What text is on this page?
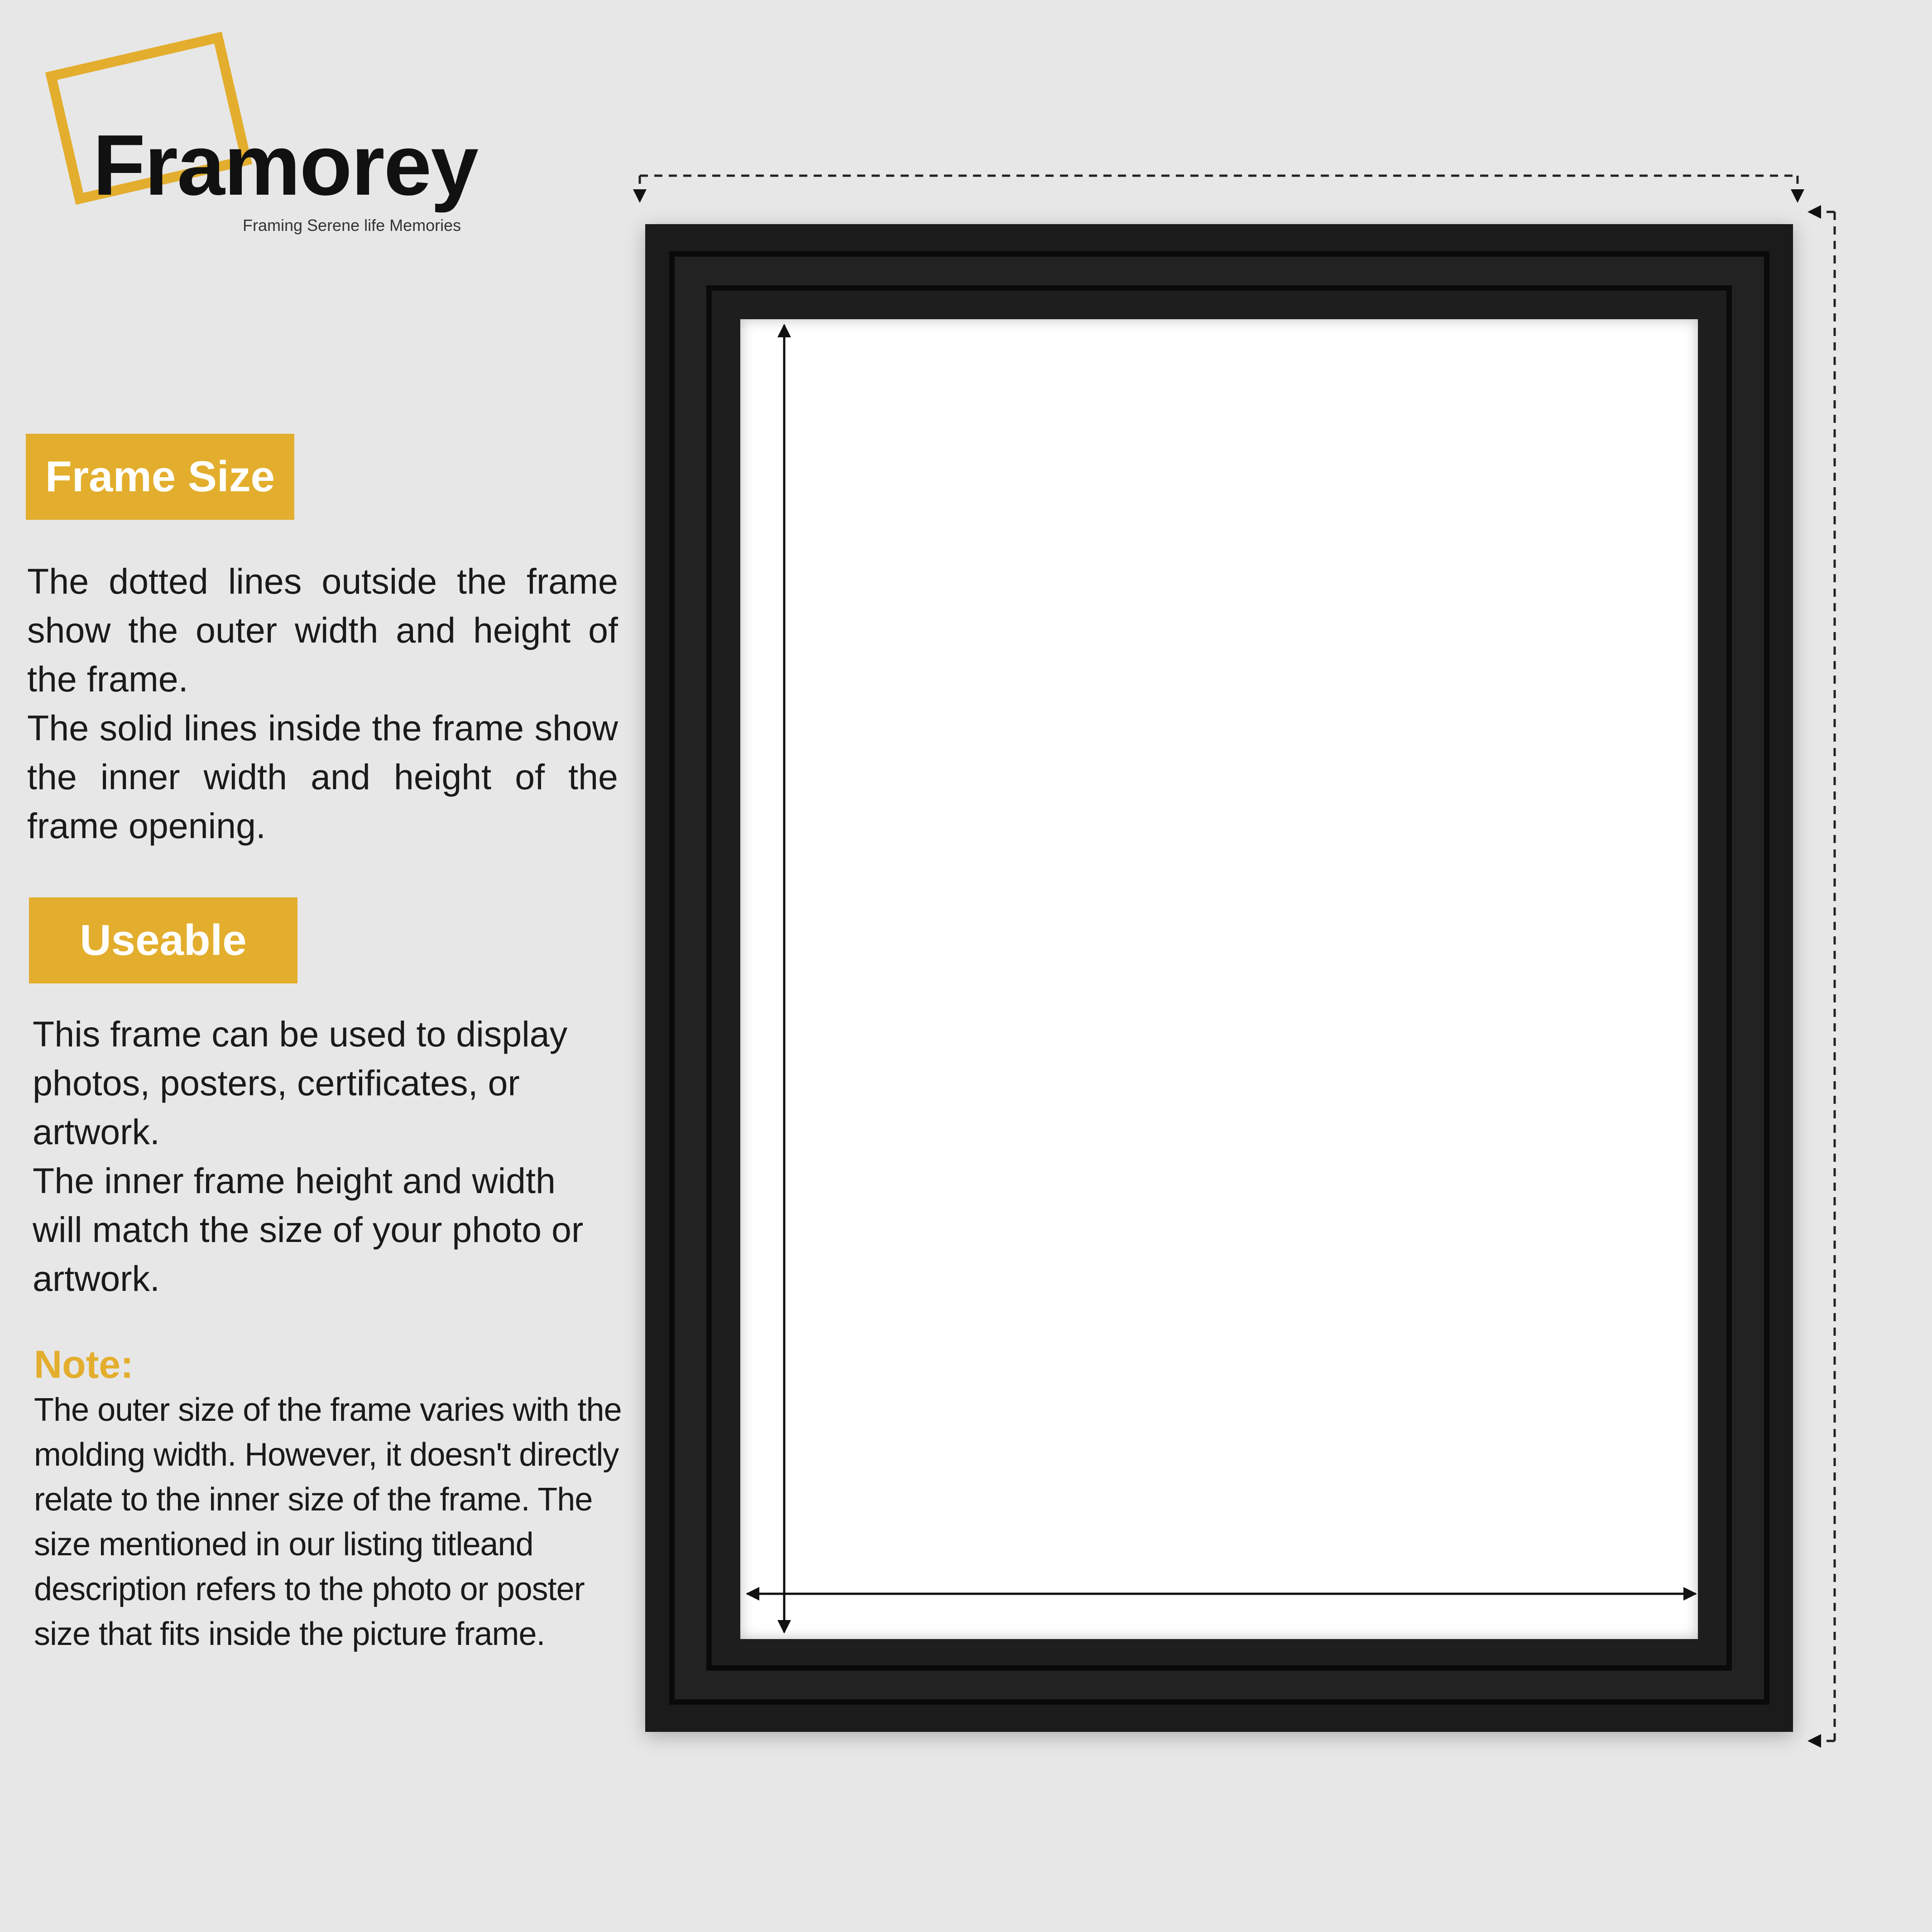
Framorey
Framing Serene life Memories
Frame Size

The dotted lines outside the frame show the outer width and height of the frame.

The solid lines inside the frame show the inner width and height of the frame opening.

Useable

This frame can be used to display photos, posters, certificates, or artwork.

The inner frame height and width will match the size of your photo or artwork.

Note:
The outer size of the frame varies with the molding width. However, it doesn't directly relate to the inner size of the frame. The size mentioned in our listing titleand description refers to the photo or poster size that fits inside the picture frame.
